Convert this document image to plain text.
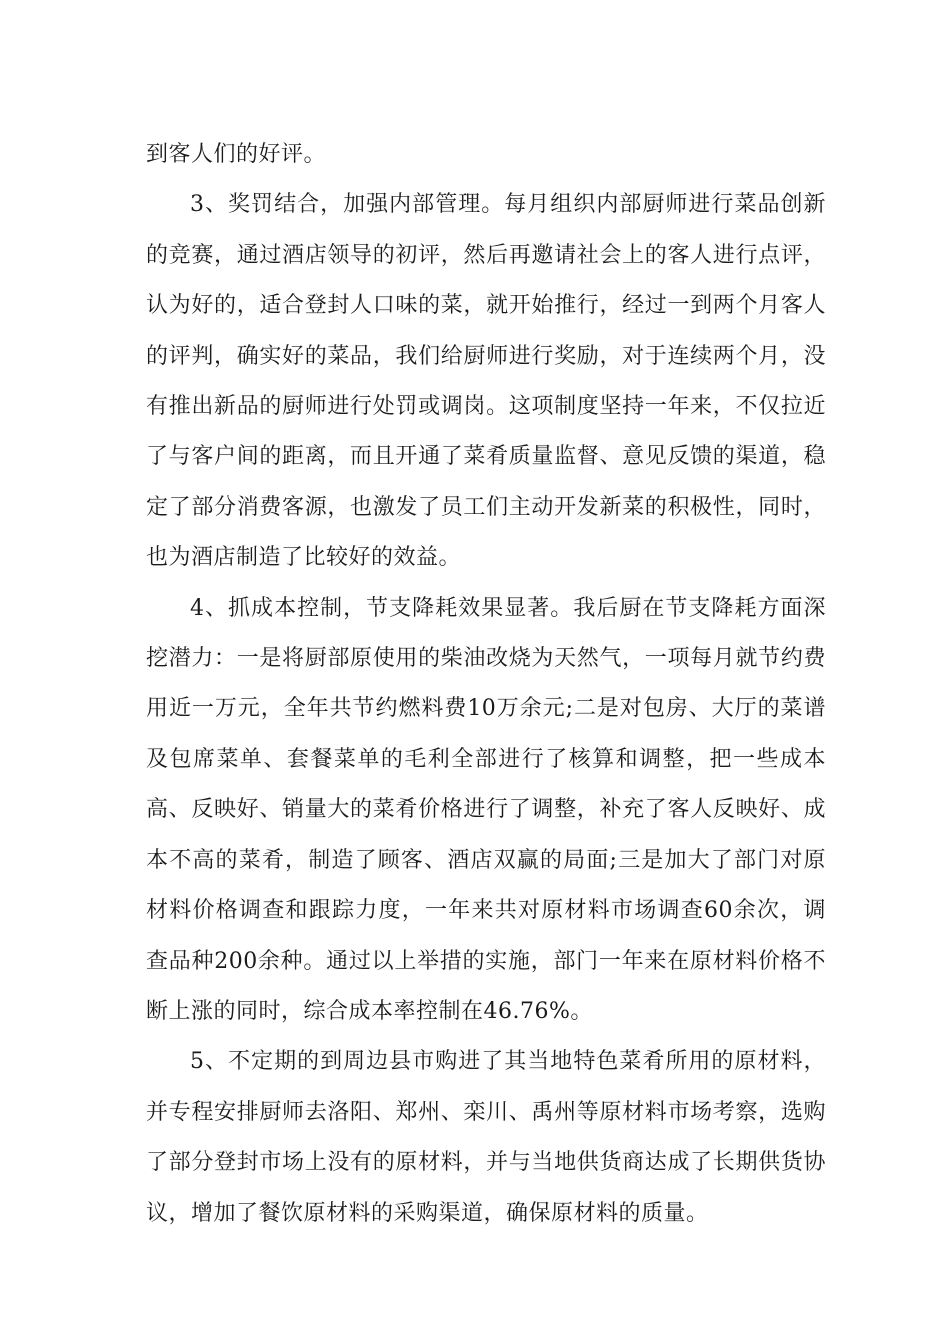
到客人们的好评。

3、奖罚结合，加强内部管理。每月组织内部厨师进行菜品创新的竞赛，通过酒店领导的初评，然后再邀请社会上的客人进行点评，认为好的，适合登封人口味的菜，就开始推行，经过一到两个月客人的评判，确实好的菜品，我们给厨师进行奖励，对于连续两个月，没有推出新品的厨师进行处罚或调岗。这项制度坚持一年来，不仅拉近了与客户间的距离，而且开通了菜肴质量监督、意见反馈的渠道，稳定了部分消费客源，也激发了员工们主动开发新菜的积极性，同时，也为酒店制造了比较好的效益。

4、抓成本控制，节支降耗效果显著。我后厨在节支降耗方面深挖潜力：一是将厨部原使用的柴油改烧为天然气，一项每月就节约费用近一万元，全年共节约燃料费10万余元;二是对包房、大厅的菜谱及包席菜单、套餐菜单的毛利全部进行了核算和调整，把一些成本高、反映好、销量大的菜肴价格进行了调整，补充了客人反映好、成本不高的菜肴，制造了顾客、酒店双赢的局面;三是加大了部门对原材料价格调查和跟踪力度，一年来共对原材料市场调查60余次，调查品种200余种。通过以上举措的实施，部门一年来在原材料价格不断上涨的同时，综合成本率控制在46.76%。

5、不定期的到周边县市购进了其当地特色菜肴所用的原材料，并专程安排厨师去洛阳、郑州、栾川、禹州等原材料市场考察，选购了部分登封市场上没有的原材料，并与当地供货商达成了长期供货协议，增加了餐饮原材料的采购渠道，确保原材料的质量。
